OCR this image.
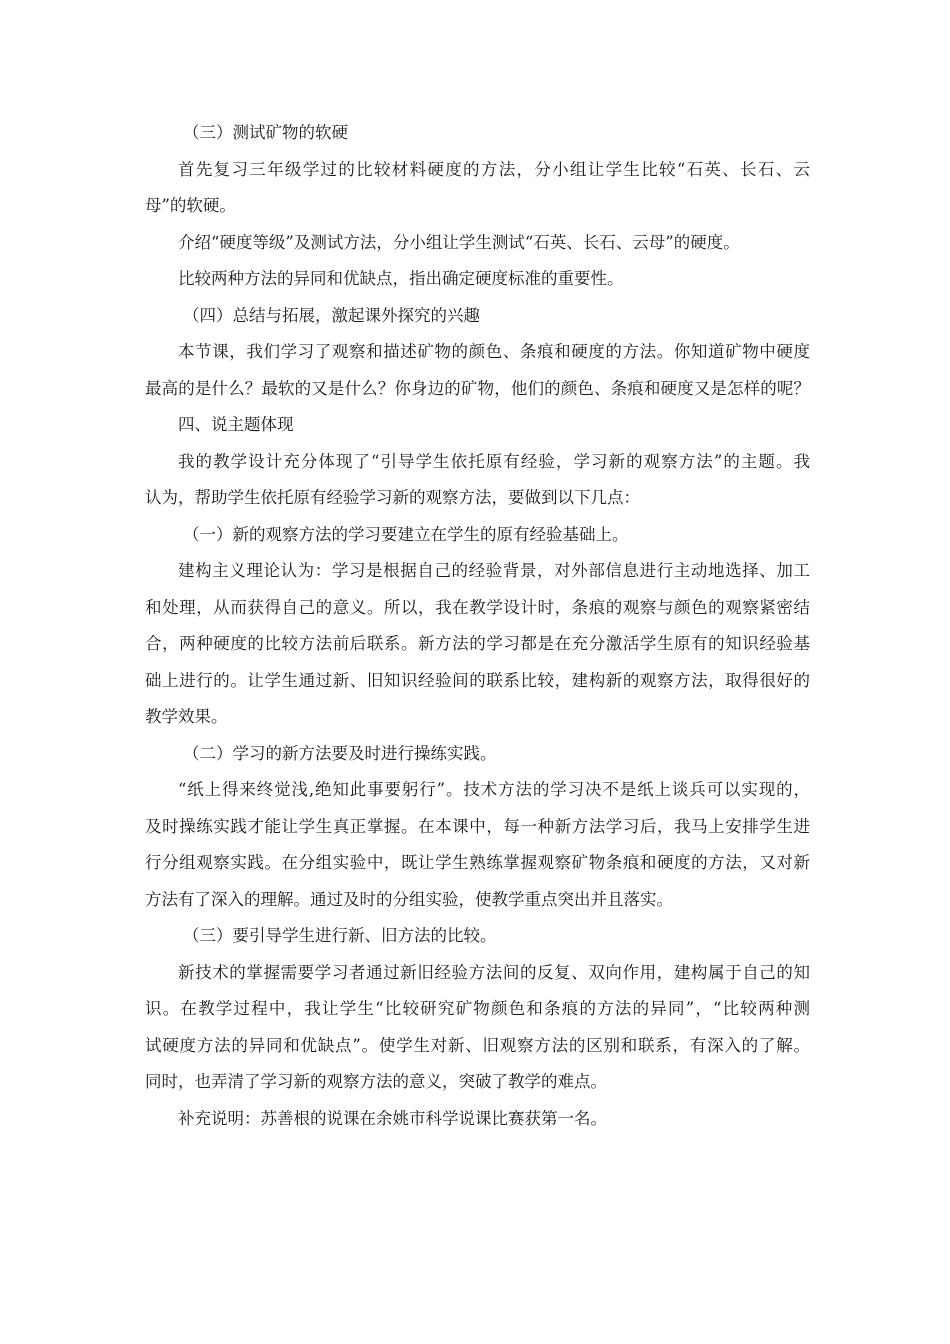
（三）测试矿物的软硬
首先复习三年级学过的比较材料硬度的方法，分小组让学生比较“石英、长石、云
母”的软硬。
介绍“硬度等级”及测试方法，分小组让学生测试“石英、长石、云母”的硬度。
比较两种方法的异同和优缺点，指出确定硬度标准的重要性。
（四）总结与拓展，激起课外探究的兴趣
本节课，我们学习了观察和描述矿物的颜色、条痕和硬度的方法。你知道矿物中硬度
最高的是什么？最软的又是什么？你身边的矿物，他们的颜色、条痕和硬度又是怎样的呢？
四、说主题体现
我的教学设计充分体现了“引导学生依托原有经验，学习新的观察方法”的主题。我
认为，帮助学生依托原有经验学习新的观察方法，要做到以下几点：
（一）新的观察方法的学习要建立在学生的原有经验基础上。
建构主义理论认为：学习是根据自己的经验背景，对外部信息进行主动地选择、加工
和处理，从而获得自己的意义。所以，我在教学设计时，条痕的观察与颜色的观察紧密结
合，两种硬度的比较方法前后联系。新方法的学习都是在充分激活学生原有的知识经验基
础上进行的。让学生通过新、旧知识经验间的联系比较，建构新的观察方法，取得很好的
教学效果。
（二）学习的新方法要及时进行操练实践。
“纸上得来终觉浅,绝知此事要躬行”。技术方法的学习决不是纸上谈兵可以实现的，
及时操练实践才能让学生真正掌握。在本课中，每一种新方法学习后，我马上安排学生进
行分组观察实践。在分组实验中，既让学生熟练掌握观察矿物条痕和硬度的方法，又对新
方法有了深入的理解。通过及时的分组实验，使教学重点突出并且落实。
（三）要引导学生进行新、旧方法的比较。
新技术的掌握需要学习者通过新旧经验方法间的反复、双向作用，建构属于自己的知
识。在教学过程中，我让学生“比较研究矿物颜色和条痕的方法的异同”，“比较两种测
试硬度方法的异同和优缺点”。使学生对新、旧观察方法的区别和联系，有深入的了解。
同时，也弄清了学习新的观察方法的意义，突破了教学的难点。
补充说明：苏善根的说课在余姚市科学说课比赛获第一名。
